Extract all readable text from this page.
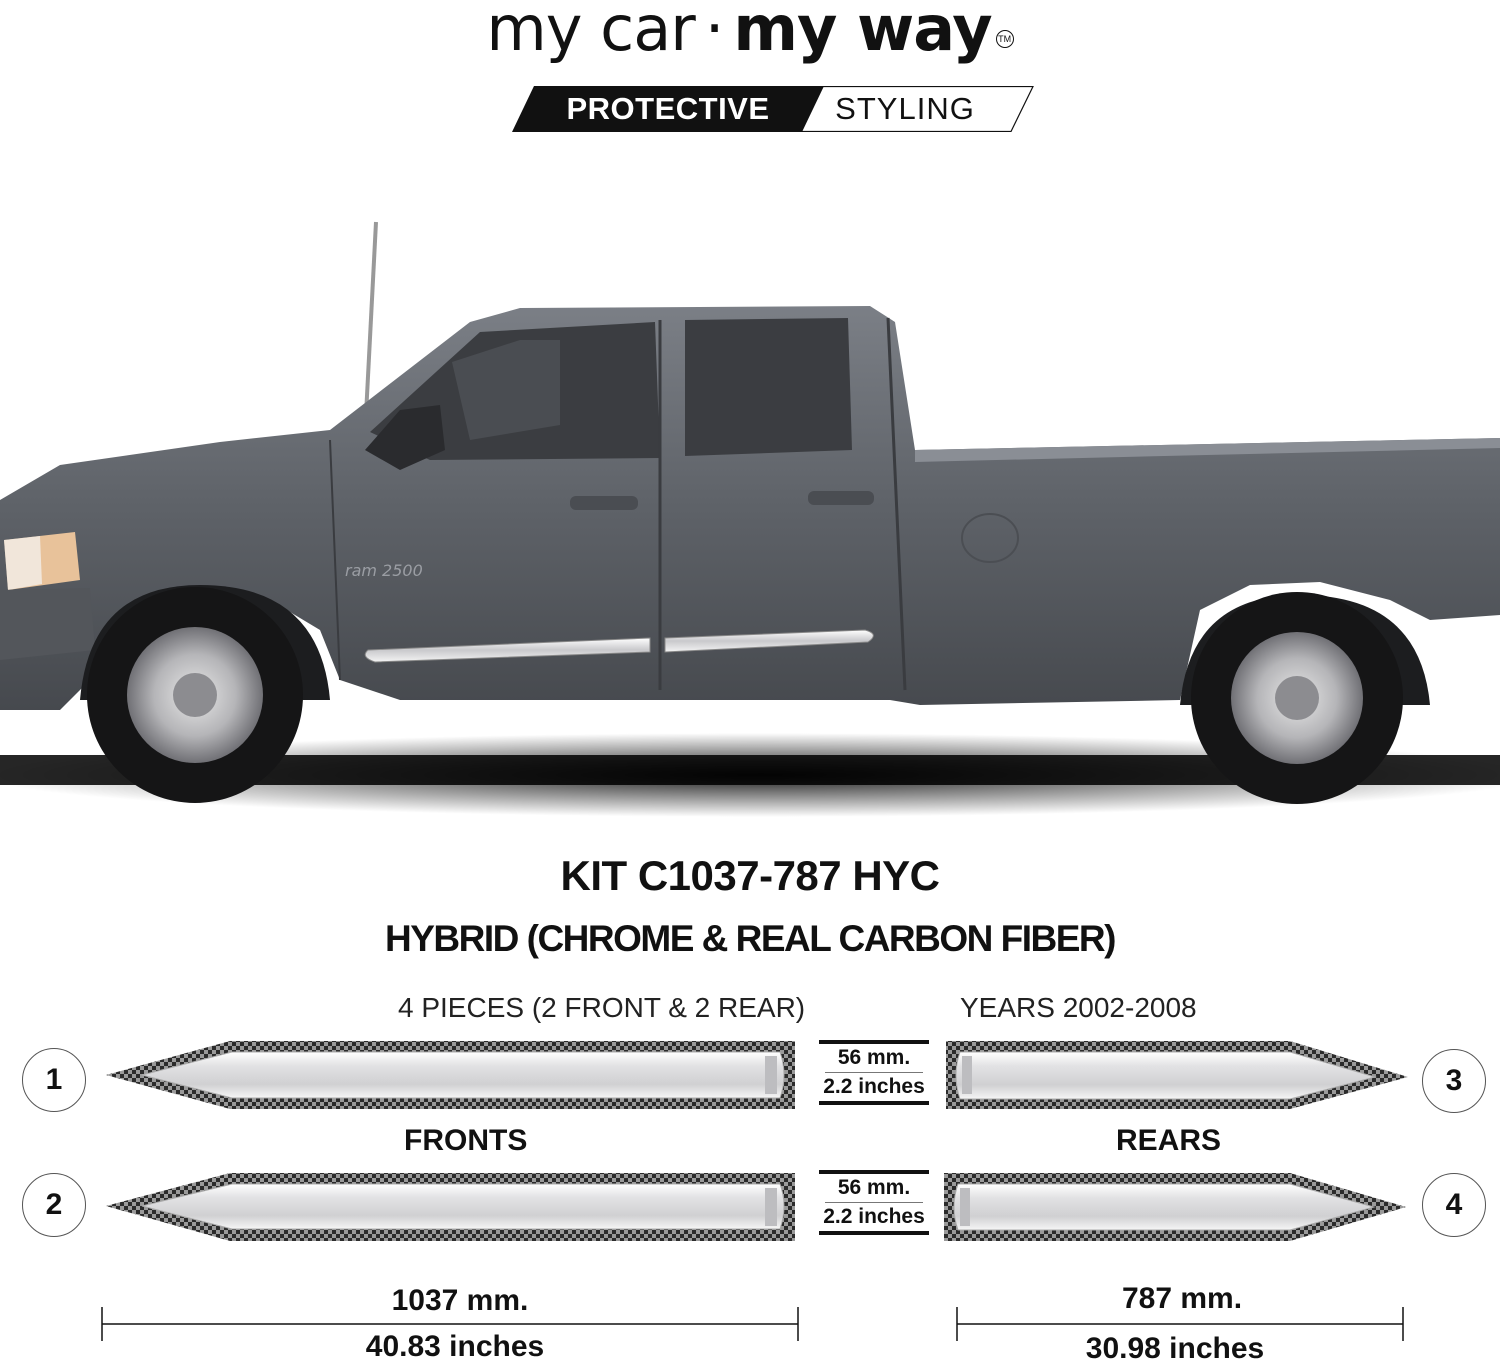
my car · my way TM
PROTECTIVE	STYLING
ram 2500
KIT C1037-787 HYC
HYBRID (CHROME & REAL CARBON FIBER)
4 PIECES (2 FRONT & 2 REAR)	YEARS 2002-2008
1
2
3
4
56 mm.
2.2 inches
56 mm.
2.2 inches
FRONTS	REARS
1037 mm.
40.83 inches
787 mm.
30.98 inches
